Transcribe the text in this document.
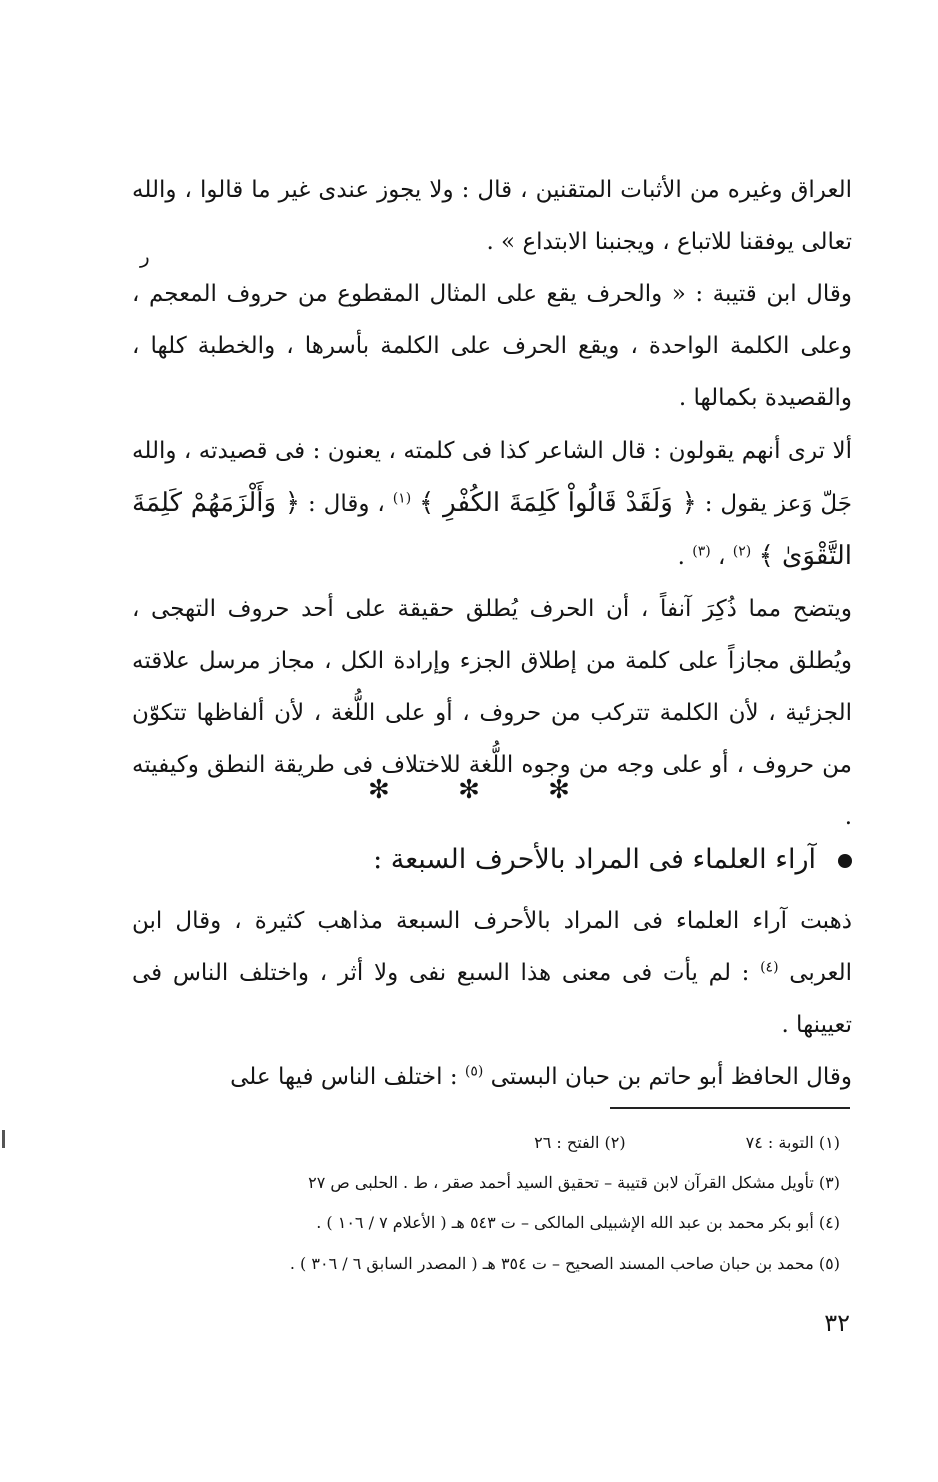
ر

العراق وغيره من الأثبات المتقنين ، قال : ولا يجوز عندى غير ما قالوا ، والله تعالى يوفقنا للاتباع ، ويجنبنا الابتداع » .

وقال ابن قتيبة : « والحرف يقع على المثال المقطوع من حروف المعجم ، وعلى الكلمة الواحدة ، ويقع الحرف على الكلمة بأسرها ، والخطبة كلها ، والقصيدة بكمالها .

ألا ترى أنهم يقولون : قال الشاعر كذا فى كلمته ، يعنون : فى قصيدته ، والله جَلّ وَعز يقول : ﴿ وَلَقَدْ قَالُواْ كَلِمَةَ الكُفْرِ ﴾ $^{(١)}$ ، وقال : ﴿ وَأَلْزَمَهُمْ كَلِمَةَ التَّقْوَىٰ ﴾ $^{(٢)}$ ، $^{(٣)}$ .

ويتضح مما ذُكِرَ آنفاً ، أن الحرف يُطلق حقيقة على أحد حروف التهجى ، ويُطلق مجازاً على كلمة من إطلاق الجزء وإرادة الكل ، مجاز مرسل علاقته الجزئية ، لأن الكلمة تتركب من حروف ، أو على اللُّغة ، لأن ألفاظها تتكوّن من حروف ، أو على وجه من وجوه اللُّغة للاختلاف فى طريقة النطق وكيفيته .

✻	✻	✻
آراء العلماء فى المراد بالأحرف السبعة :

ذهبت آراء العلماء فى المراد بالأحرف السبعة مذاهب كثيرة ، وقال ابن العربى $^{(٤)}$ : لم يأت فى معنى هذا السبع نفى ولا أثر ، واختلف الناس فى تعيينها .

وقال الحافظ أبو حاتم بن حبان البستى $^{(٥)}$ : اختلف الناس فيها على

(١) التوبة : ٧٤(٢) الفتح : ٢٦
(٣) تأويل مشكل القرآن لابن قتيبة – تحقيق السيد أحمد صقر ، ط . الحلبى ص ٢٧
(٤) أبو بكر محمد بن عبد الله الإشبيلى المالكى – ت ٥٤٣ هـ ( الأعلام ٧ / ١٠٦ ) .
(٥) محمد بن حبان صاحب المسند الصحيح – ت ٣٥٤ هـ ( المصدر السابق ٦ / ٣٠٦ ) .
٣٢
